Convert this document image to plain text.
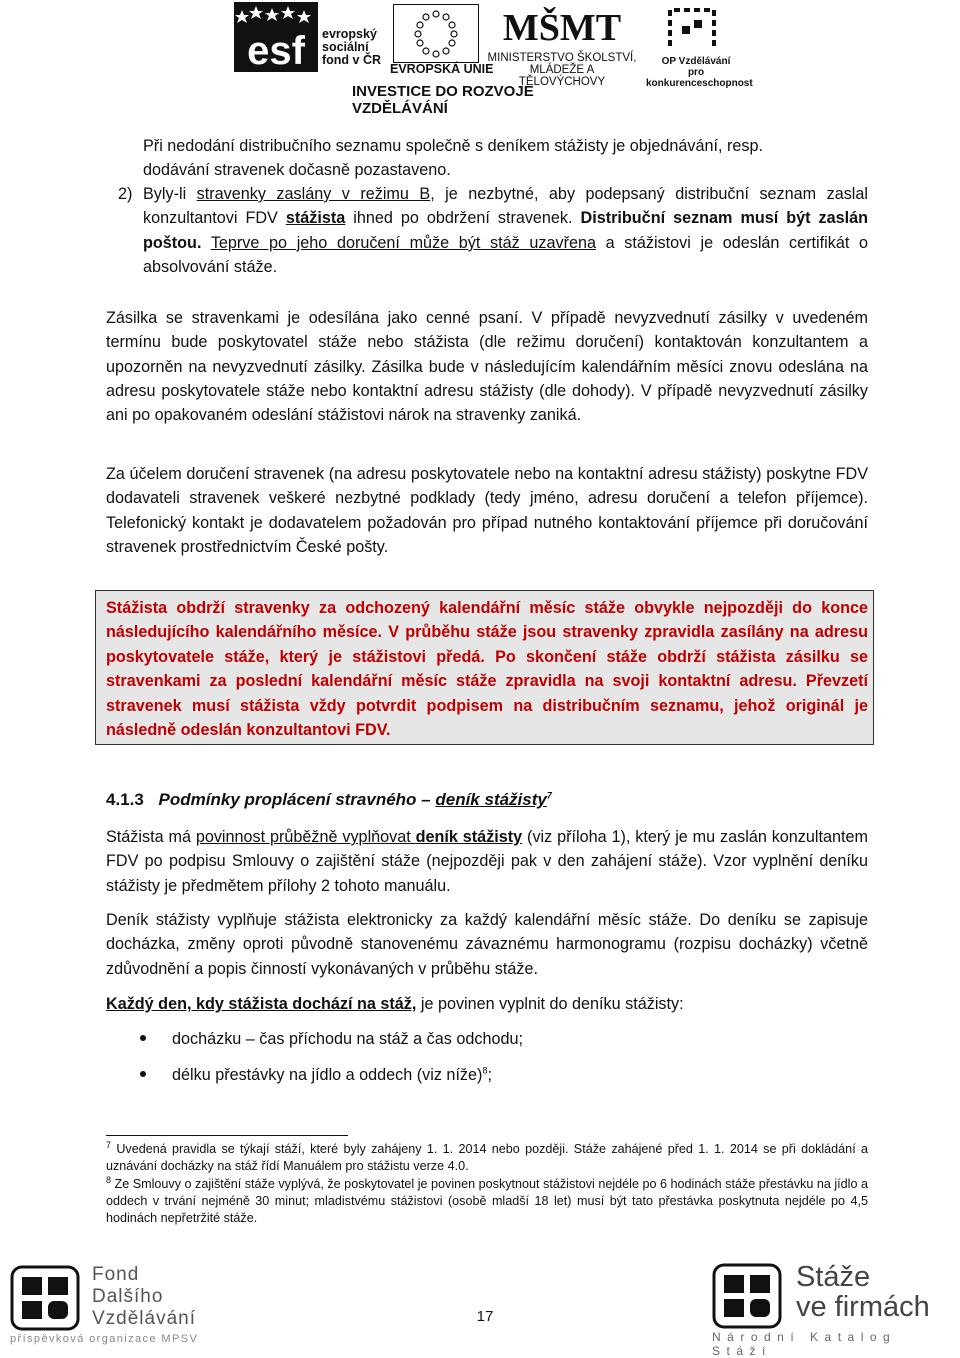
esf evropský
sociální
fond v ČR
EVROPSKÁ UNIE
MŠMT
MINISTERSTVO ŠKOLSTVÍ,
MLÁDEŽE A TĚLOVÝCHOVY
OP Vzdělávání
pro konkurenceschopnost
INVESTICE DO ROZVOJE VZDĚLÁVÁNÍ

Při nedodání distribučního seznamu společně s deníkem stážisty je objednávání, resp.

dodávání stravenek dočasně pozastaveno.

2) Byly-li stravenky zaslány v režimu B, je nezbytné, aby podepsaný distribuční seznam zaslal konzultantovi FDV stážista ihned po obdržení stravenek. Distribuční seznam musí být zaslán poštou. Teprve po jeho doručení může být stáž uzavřena a stážistovi je odeslán certifikát o absolvování stáže.

Zásilka se stravenkami je odesílána jako cenné psaní. V případě nevyzvednutí zásilky v uvedeném termínu bude poskytovatel stáže nebo stážista (dle režimu doručení) kontaktován konzultantem a upozorněn na nevyzvednutí zásilky. Zásilka bude v následujícím kalendářním měsíci znovu odeslána na adresu poskytovatele stáže nebo kontaktní adresu stážisty (dle dohody). V případě nevyzvednutí zásilky ani po opakovaném odeslání stážistovi nárok na stravenky zaniká.

Za účelem doručení stravenek (na adresu poskytovatele nebo na kontaktní adresu stážisty) poskytne FDV dodavateli stravenek veškeré nezbytné podklady (tedy jméno, adresu doručení a telefon příjemce). Telefonický kontakt je dodavatelem požadován pro případ nutného kontaktování příjemce při doručování stravenek prostřednictvím České pošty.

Stážista obdrží stravenky za odchozený kalendářní měsíc stáže obvykle nejpozději do konce následujícího kalendářního měsíce. V průběhu stáže jsou stravenky zpravidla zasílány na adresu poskytovatele stáže, který je stážistovi předá. Po skončení stáže obdrží stážista zásilku se stravenkami za poslední kalendářní měsíc stáže zpravidla na svoji kontaktní adresu. Převzetí stravenek musí stážista vždy potvrdit podpisem na distribučním seznamu, jehož originál je následně odeslán konzultantovi FDV.

4.1.3 Podmínky proplácení stravného – deník stážisty$^7$
Stážista má povinnost průběžně vyplňovat deník stážisty (viz příloha 1), který je mu zaslán konzultantem FDV po podpisu Smlouvy o zajištění stáže (nejpozději pak v den zahájení stáže). Vzor vyplnění deníku stážisty je předmětem přílohy 2 tohoto manuálu.

Deník stážisty vyplňuje stážista elektronicky za každý kalendářní měsíc stáže. Do deníku se zapisuje docházka, změny oproti původně stanovenému závaznému harmonogramu (rozpisu docházky) včetně zdůvodnění a popis činností vykonávaných v průběhu stáže.

Každý den, kdy stážista dochází na stáž, je povinen vyplnit do deníku stážisty:
docházku – čas příchodu na stáž a čas odchodu;
délku přestávky na jídlo a oddech (viz níže)$^8$;
$^7$ Uvedená pravidla se týkají stáží, které byly zahájeny 1. 1. 2014 nebo později. Stáže zahájené před 1. 1. 2014 se při dokládání a uznávání docházky na stáž řídí Manuálem pro stážistu verze 4.0.
$^8$ Ze Smlouvy o zajištění stáže vyplývá, že poskytovatel je povinen poskytnout stážistovi nejdéle po 6 hodinách stáže přestávku na jídlo a oddech v trvání nejméně 30 minut; mladistvému stážistovi (osobě mladší 18 let) musí být tato přestávka poskytnuta nejdéle po 4,5 hodinách nepřetržité stáže.
17
Fond
Dalšího
Vzdělávání
příspěvková organizace MPSV
Stáže
ve firmách
Národní Katalog Stáží
